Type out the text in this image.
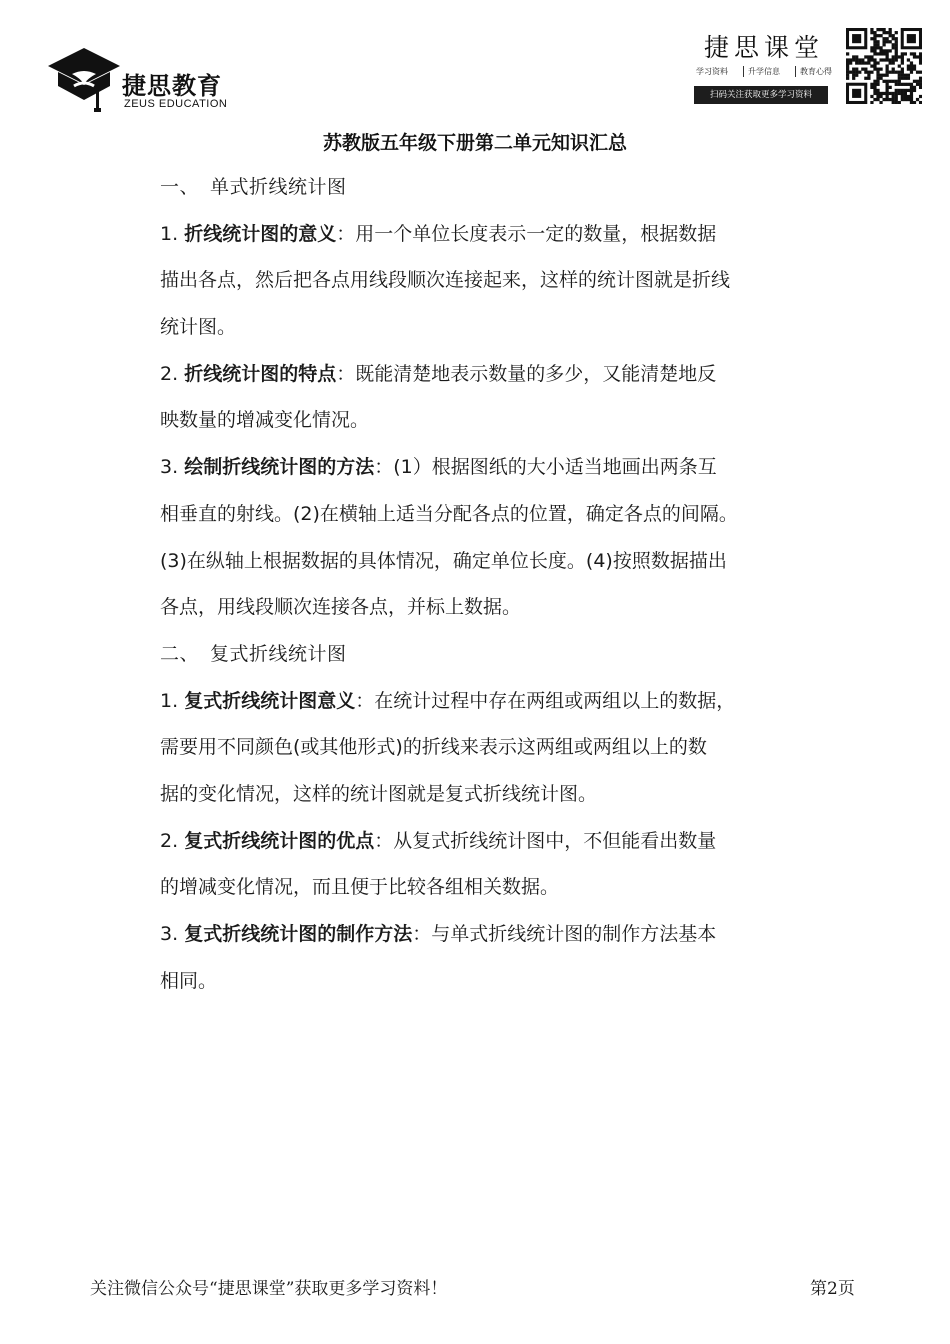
捷思教育
ZEUS EDUCATION
捷思课堂
学习资料	升学信息	教育心得
扫码关注获取更多学习资料
苏教版五年级下册第二单元知识汇总
一、 单式折线统计图
1. 折线统计图的意义：用一个单位长度表示一定的数量，根据数据
描出各点，然后把各点用线段顺次连接起来，这样的统计图就是折线
统计图。
2. 折线统计图的特点：既能清楚地表示数量的多少，又能清楚地反
映数量的增减变化情况。
3. 绘制折线统计图的方法：(1）根据图纸的大小适当地画出两条互
相垂直的射线。(2)在横轴上适当分配各点的位置，确定各点的间隔。
(3)在纵轴上根据数据的具体情况，确定单位长度。(4)按照数据描出
各点，用线段顺次连接各点，并标上数据。
二、 复式折线统计图
1. 复式折线统计图意义：在统计过程中存在两组或两组以上的数据，
需要用不同颜色(或其他形式)的折线来表示这两组或两组以上的数
据的变化情况，这样的统计图就是复式折线统计图。
2. 复式折线统计图的优点：从复式折线统计图中，不但能看出数量
的增减变化情况，而且便于比较各组相关数据。
3. 复式折线统计图的制作方法：与单式折线统计图的制作方法基本
相同。
关注微信公众号“捷思课堂”获取更多学习资料！	第2页
